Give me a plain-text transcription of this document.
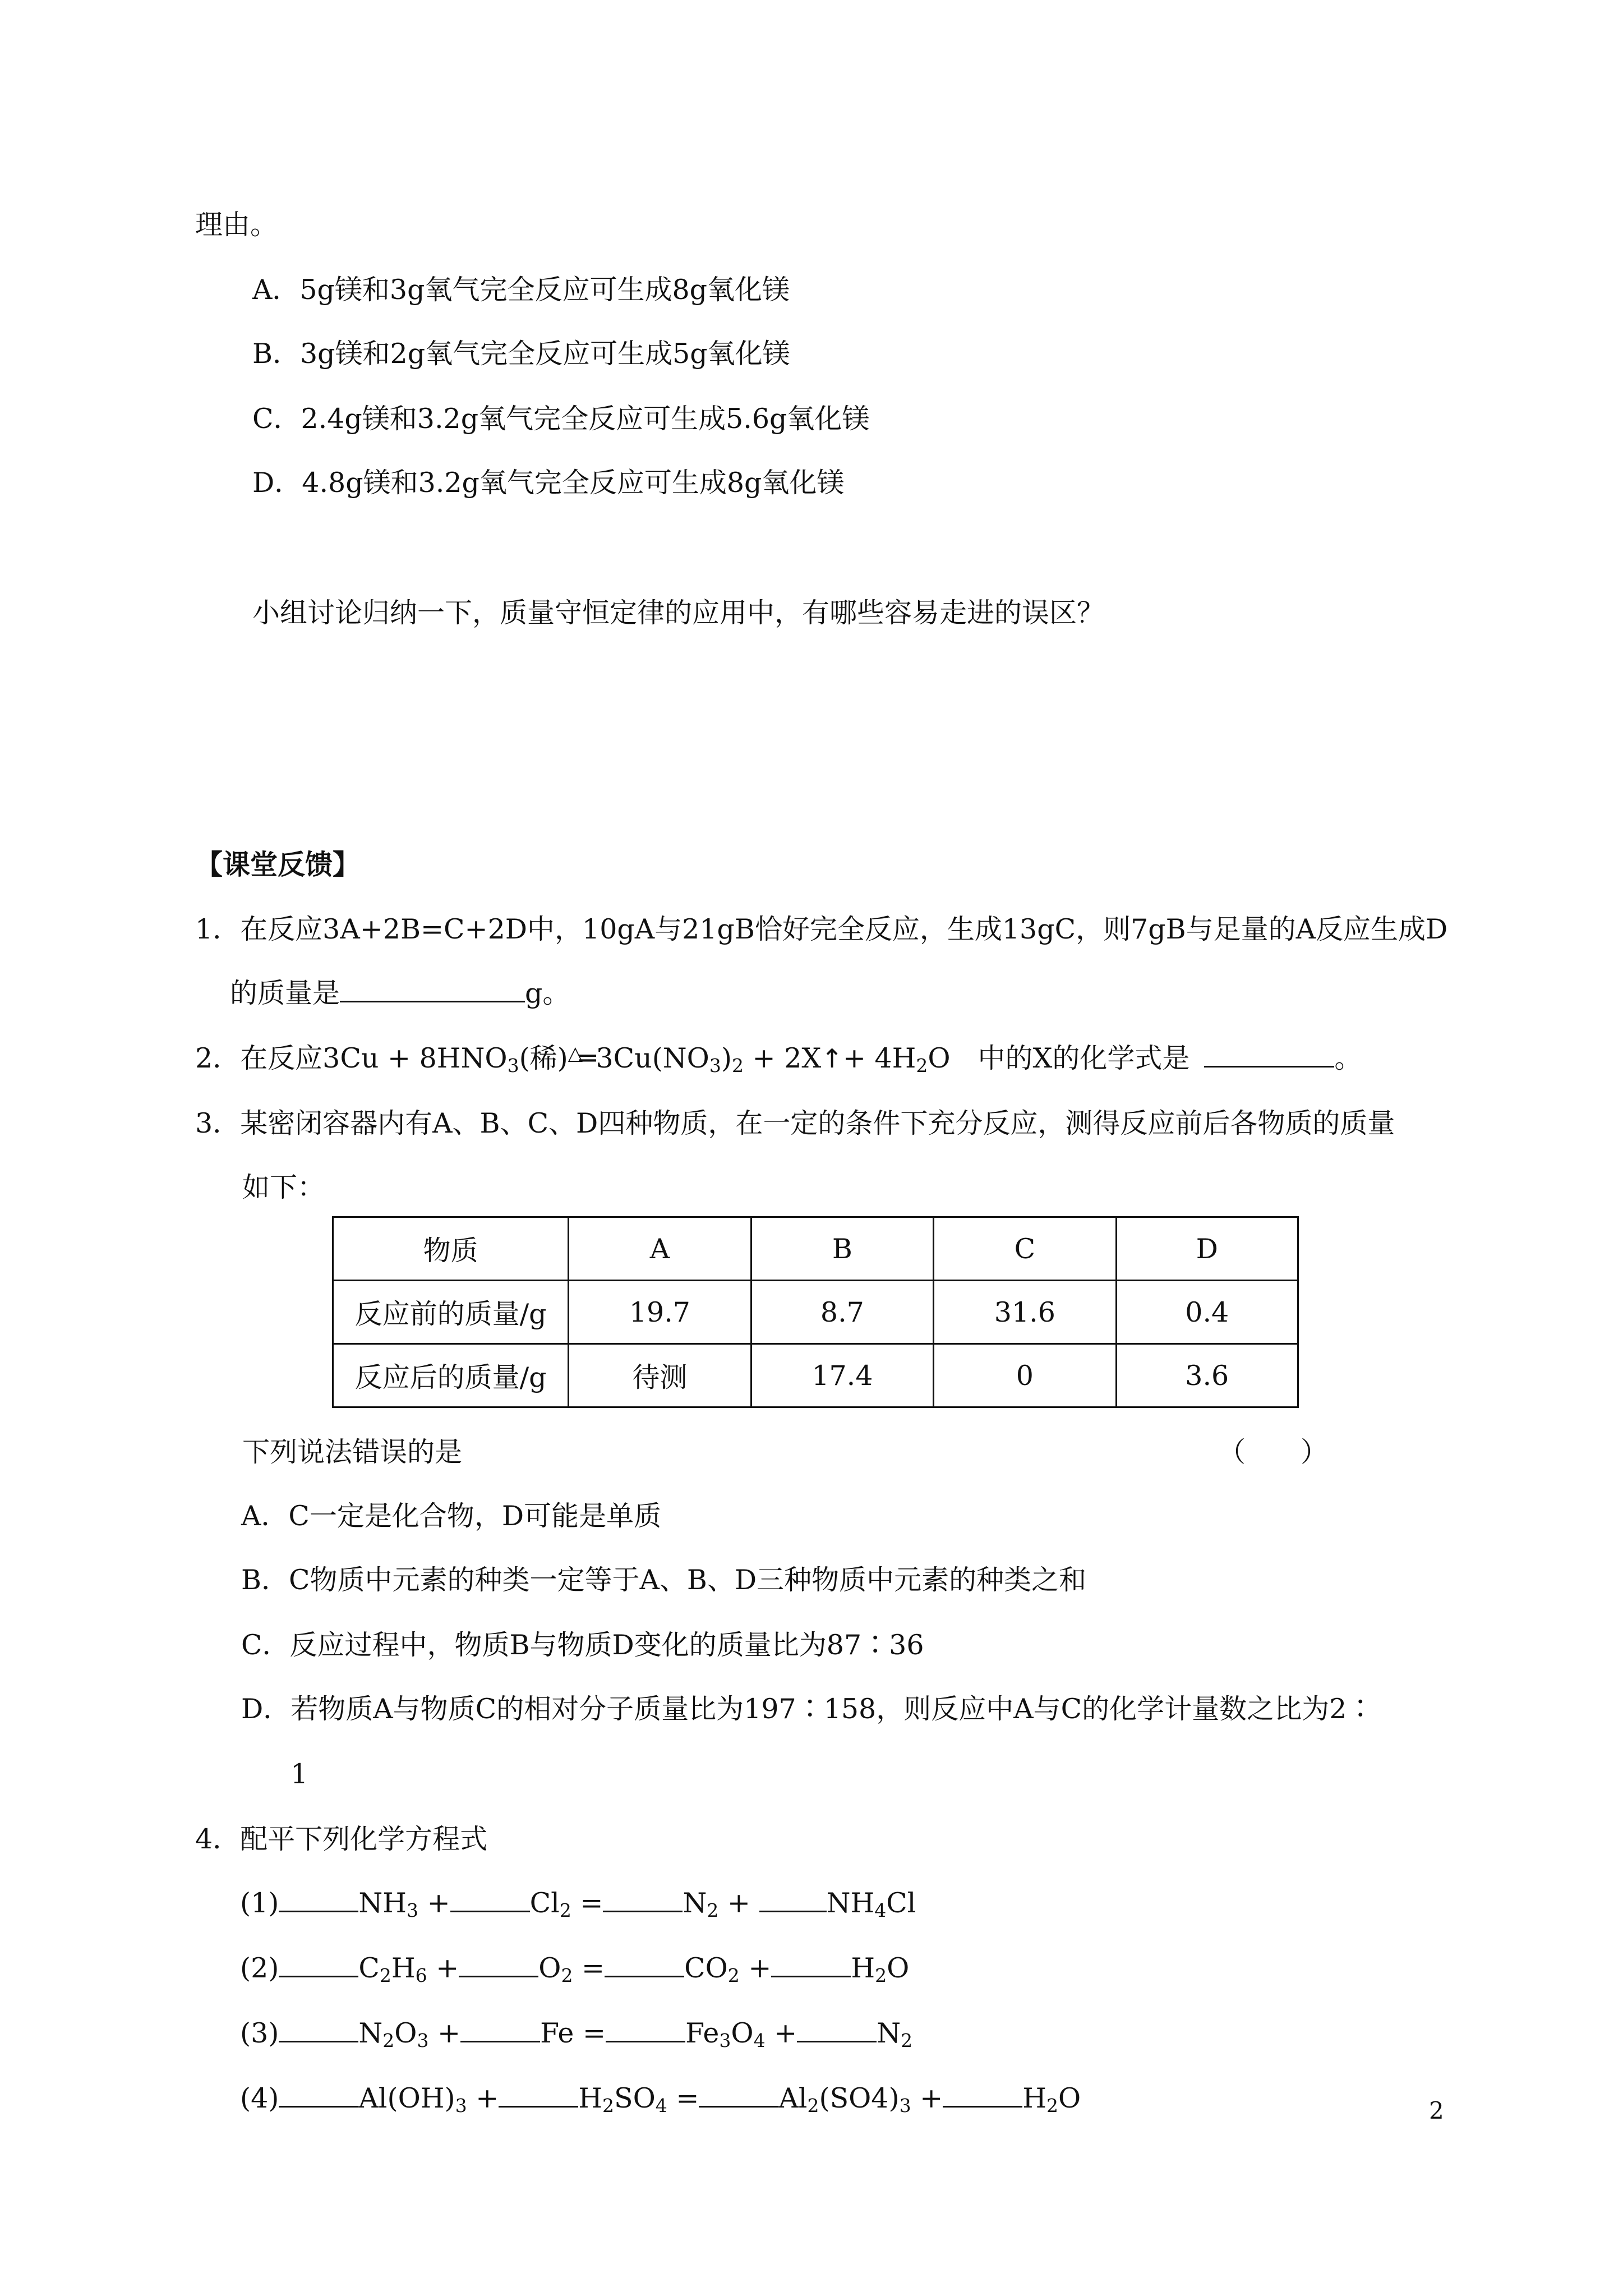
理由。
A．5g镁和3g氧气完全反应可生成8g氧化镁
B．3g镁和2g氧气完全反应可生成5g氧化镁
C．2.4g镁和3.2g氧气完全反应可生成5.6g氧化镁
D．4.8g镁和3.2g氧气完全反应可生成8g氧化镁
小组讨论归纳一下，质量守恒定律的应用中，有哪些容易走进的误区？
【课堂反馈】
1．在反应3A+2B=C+2D中，10gA与21gB恰好完全反应，生成13gC，则7gB与足量的A反应生成D
的质量是	g。
2．在反应$3Cu + 8HNO_3$(稀)$^\triangle═3Cu(NO_3)_2$ + 2X↑+ $4H_2O$　中的X的化学式是	。
3．某密闭容器内有A、B、C、D四种物质，在一定的条件下充分反应，测得反应前后各物质的质量
如下：
物质	A	B	C	D
反应前的质量/g	19.7	8.7	31.6	0.4
反应后的质量/g	待测	17.4	0	3.6
下列说法错误的是	（　　）
A．C一定是化合物，D可能是单质
B．C物质中元素的种类一定等于A、B、D三种物质中元素的种类之和
C．反应过程中，物质B与物质D变化的质量比为87∶36
D．若物质A与物质C的相对分子质量比为197∶158，则反应中A与C的化学计量数之比为2∶
1
4．配平下列化学方程式
(1)	$NH_3$ +	$Cl_2$ =	$N_2 + NH_4Cl$
(2)	$C_2H_6$ +	$O_2$ =	$CO_2$ +	$H_2O$
(3)	$N_2O_3$ +	Fe =	$Fe_3O_4$ +	$N_2$
(4)	$Al(OH)_3$ +	$H_2SO_4$ =	$Al_2(SO4)_3$ +	$H_2O$	2
